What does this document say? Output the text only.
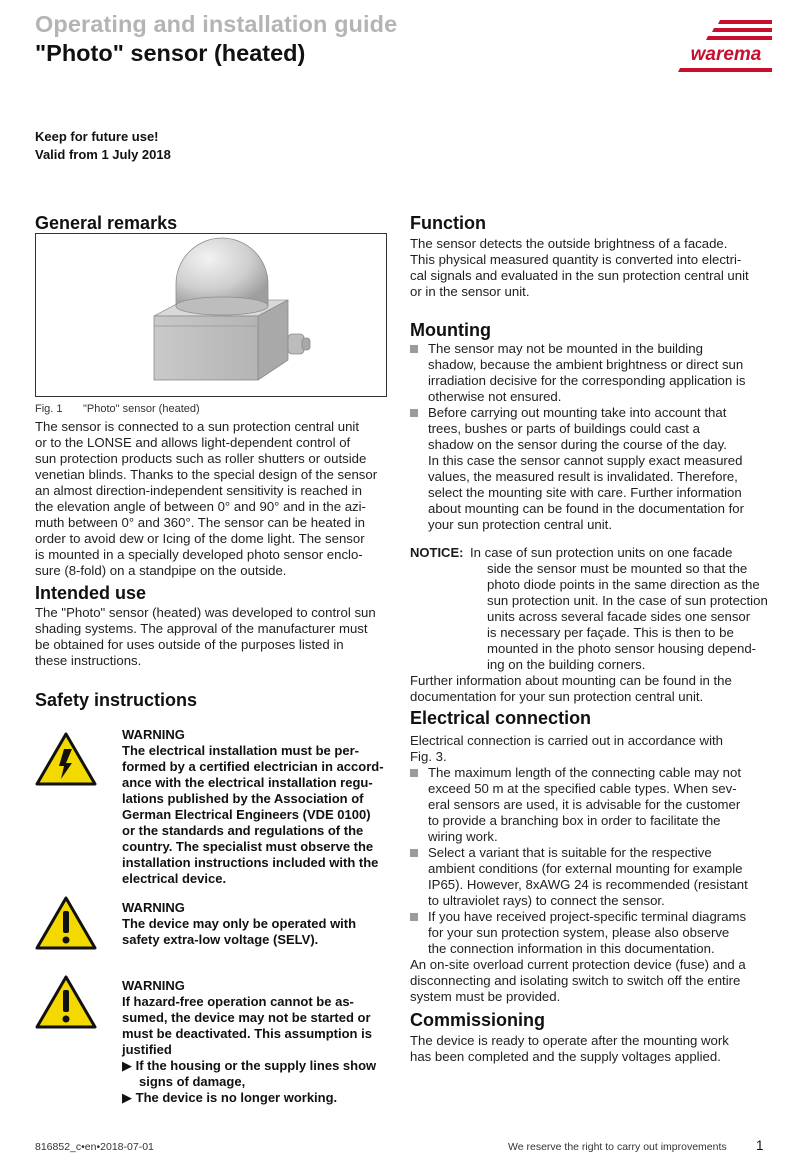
Operating and installation guide
"Photo" sensor (heated)	warema
Keep for future use!
Valid from 1 July 2018
General remarks
Fig. 1 "Photo" sensor (heated)
The sensor is connected to a sun protection central unit
or to the LONSE and allows light-dependent control of
sun protection products such as roller shutters or outside
venetian blinds. Thanks to the special design of the sensor
an almost direction-independent sensitivity is reached in
the elevation angle of between 0° and 90° and in the azi-
muth between 0° and 360°. The sensor can be heated in
order to avoid dew or Icing of the dome light. The sensor
is mounted in a specially developed photo sensor enclo-
sure (8-fold) on a standpipe on the outside.
Intended use
The "Photo" sensor (heated) was developed to control sun
shading systems. The approval of the manufacturer must
be obtained for uses outside of the purposes listed in
these instructions.
Safety instructions
WARNING
The electrical installation must be per-
formed by a certified electrician in accord-
ance with the electrical installation regu-
lations published by the Association of
German Electrical Engineers (VDE 0100)
or the standards and regulations of the
country. The specialist must observe the
installation instructions included with the
electrical device.
WARNING
The device may only be operated with
safety extra-low voltage (SELV).
WARNING
If hazard-free operation cannot be as-
sumed, the device may not be started or
must be deactivated. This assumption is
justified
▶ If the housing or the supply lines show
signs of damage,
▶ The device is no longer working.
Function
The sensor detects the outside brightness of a facade.
This physical measured quantity is converted into electri-
cal signals and evaluated in the sun protection central unit
or in the sensor unit.
Mounting
The sensor may not be mounted in the building
shadow, because the ambient brightness or direct sun
irradiation decisive for the corresponding application is
otherwise not ensured.
Before carrying out mounting take into account that
trees, bushes or parts of buildings could cast a
shadow on the sensor during the course of the day.
In this case the sensor cannot supply exact measured
values, the measured result is invalidated. Therefore,
select the mounting site with care. Further information
about mounting can be found in the documentation for
your sun protection central unit.
NOTICE: In case of sun protection units on one facade
side the sensor must be mounted so that the
photo diode points in the same direction as the
sun protection unit. In the case of sun protection
units across several facade sides one sensor
is necessary per façade. This is then to be
mounted in the photo sensor housing depend-
ing on the building corners.
Further information about mounting can be found in the
documentation for your sun protection central unit.
Electrical connection
Electrical connection is carried out in accordance with
Fig. 3.
The maximum length of the connecting cable may not
exceed 50 m at the specified cable types. When sev-
eral sensors are used, it is advisable for the customer
to provide a branching box in order to facilitate the
wiring work.
Select a variant that is suitable for the respective
ambient conditions (for external mounting for example
IP65). However, 8xAWG 24 is recommended (resistant
to ultraviolet rays) to connect the sensor.
If you have received project-specific terminal diagrams
for your sun protection system, please also observe
the connection information in this documentation.
An on-site overload current protection device (fuse) and a
disconnecting and isolating switch to switch off the entire
system must be provided.
Commissioning
The device is ready to operate after the mounting work
has been completed and the supply voltages applied.
816852_c•en•2018-07-01	We reserve the right to carry out improvements 1
